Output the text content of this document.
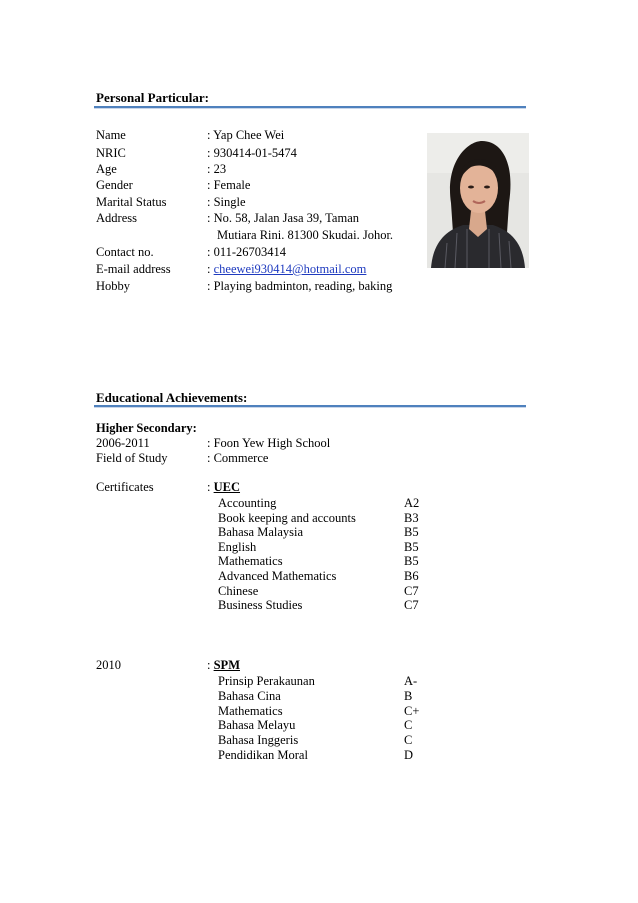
Personal Particular:
Name	: Yap Chee Wei
NRIC	: 930414-01-5474
Age	: 23
Gender	: Female
Marital Status	: Single
Address	: No. 58, Jalan Jasa 39, Taman
Mutiara Rini. 81300 Skudai. Johor.
Contact no.	: 011-26703414
E-mail address	: cheewei930414@hotmail.com
Hobby	: Playing badminton, reading, baking
Educational Achievements:
Higher Secondary:
2006-2011	: Foon Yew High School
Field of Study	: Commerce
Certificates	: UEC
Accounting	A2
Book keeping and accounts	B3
Bahasa Malaysia	B5
English	B5
Mathematics	B5
Advanced Mathematics	B6
Chinese	C7
Business Studies	C7
2010	: SPM
Prinsip Perakaunan	A-
Bahasa Cina	B
Mathematics	C+
Bahasa Melayu	C
Bahasa Inggeris	C
Pendidikan Moral	D
